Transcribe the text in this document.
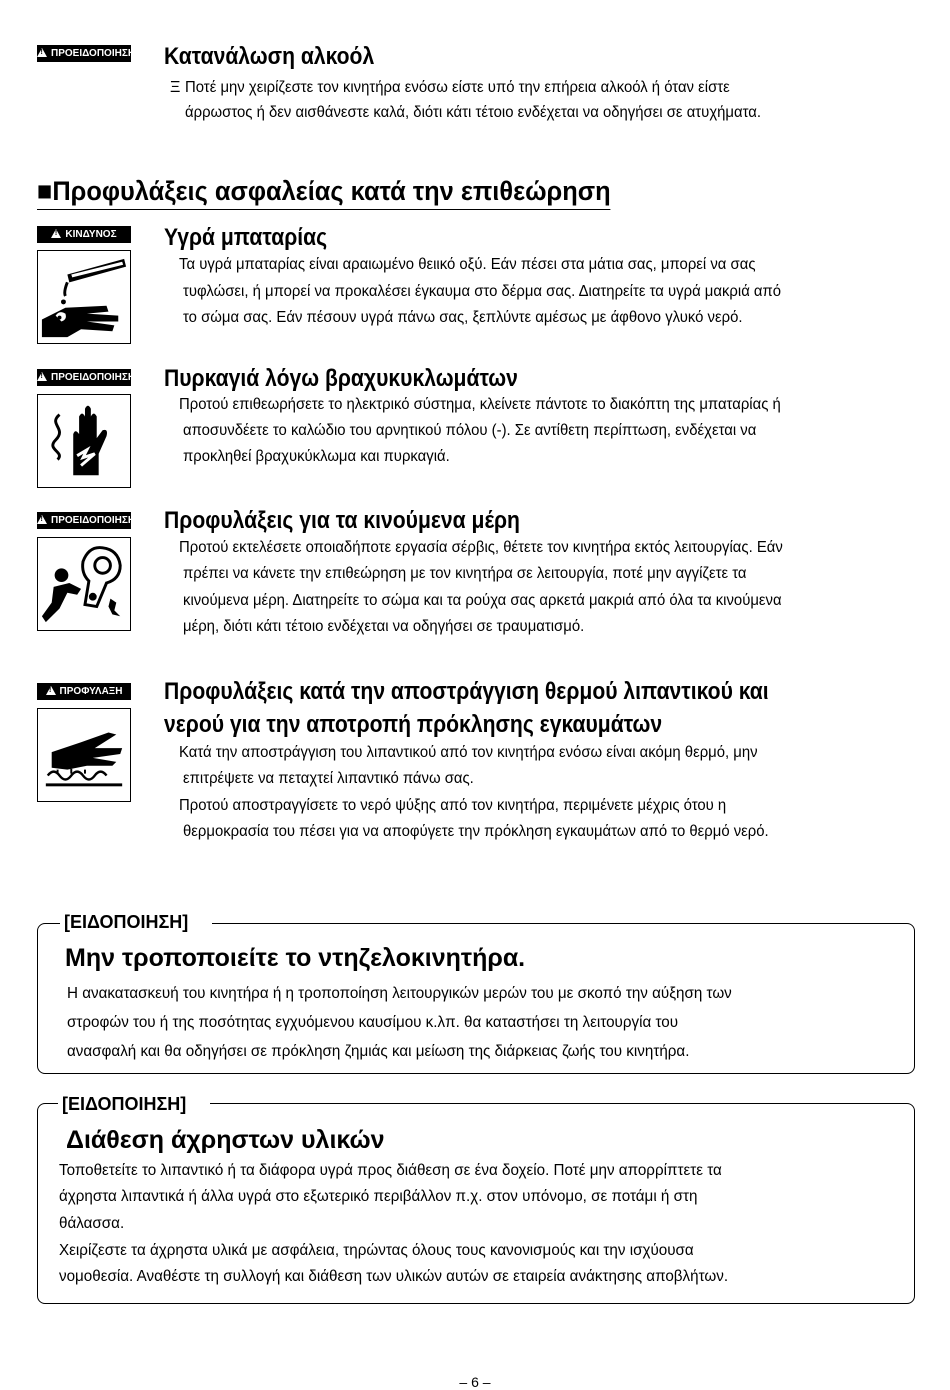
!ΠΡΟΕΙΔΟΠΟΙΗΣΗ Κατανάλωση αλκοόλ
Ξ Ποτέ μην χειρίζεστε τον κινητήρα ενόσω είστε υπό την επήρεια αλκοόλ ή όταν είστε
άρρωστος ή δεν αισθάνεστε καλά, διότι κάτι τέτοιο ενδέχεται να οδηγήσει σε ατυχήματα.
■Προφυλάξεις ασφαλείας κατά την επιθεώρηση
!ΚΙΝΔΥΝΟΣ	Υγρά μπαταρίας
Τα υγρά μπαταρίας είναι αραιωμένο θειικό οξύ. Εάν πέσει στα μάτια σας, μπορεί να σας
τυφλώσει, ή μπορεί να προκαλέσει έγκαυμα στο δέρμα σας. Διατηρείτε τα υγρά μακριά από
το σώμα σας. Εάν πέσουν υγρά πάνω σας, ξεπλύντε αμέσως με άφθονο γλυκό νερό.
!ΠΡΟΕΙΔΟΠΟΙΗΣΗ Πυρκαγιά λόγω βραχυκυκλωμάτων
Προτού επιθεωρήσετε το ηλεκτρικό σύστημα, κλείνετε πάντοτε το διακόπτη της μπαταρίας ή
αποσυνδέετε το καλώδιο του αρνητικού πόλου (-). Σε αντίθετη περίπτωση, ενδέχεται να
προκληθεί βραχυκύκλωμα και πυρκαγιά.
!ΠΡΟΕΙΔΟΠΟΙΗΣΗ Προφυλάξεις για τα κινούμενα μέρη
Προτού εκτελέσετε οποιαδήποτε εργασία σέρβις, θέτετε τον κινητήρα εκτός λειτουργίας. Εάν
πρέπει να κάνετε την επιθεώρηση με τον κινητήρα σε λειτουργία, ποτέ μην αγγίζετε τα
κινούμενα μέρη. Διατηρείτε το σώμα και τα ρούχα σας αρκετά μακριά από όλα τα κινούμενα
μέρη, διότι κάτι τέτοιο ενδέχεται να οδηγήσει σε τραυματισμό.
!ΠΡΟΦΥΛΑΞΗ	Προφυλάξεις κατά την αποστράγγιση θερμού λιπαντικού και
νερού για την αποτροπή πρόκλησης εγκαυμάτων
Κατά την αποστράγγιση του λιπαντικού από τον κινητήρα ενόσω είναι ακόμη θερμό, μην
επιτρέψετε να πεταχτεί λιπαντικό πάνω σας.
Προτού αποστραγγίσετε το νερό ψύξης από τον κινητήρα, περιμένετε μέχρις ότου η
θερμοκρασία του πέσει για να αποφύγετε την πρόκληση εγκαυμάτων από το θερμό νερό.
[ΕΙΔΟΠΟΙΗΣΗ]
Μην τροποποιείτε το ντηζελοκινητήρα.
Η ανακατασκευή του κινητήρα ή η τροποποίηση λειτουργικών μερών του με σκοπό την αύξηση των
στροφών του ή της ποσότητας εγχυόμενου καυσίμου κ.λπ. θα καταστήσει τη λειτουργία του
ανασφαλή και θα οδηγήσει σε πρόκληση ζημιάς και μείωση της διάρκειας ζωής του κινητήρα.
[ΕΙΔΟΠΟΙΗΣΗ]
Διάθεση άχρηστων υλικών
Τοποθετείτε το λιπαντικό ή τα διάφορα υγρά προς διάθεση σε ένα δοχείο. Ποτέ μην απορρίπτετε τα
άχρηστα λιπαντικά ή άλλα υγρά στο εξωτερικό περιβάλλον π.χ. στον υπόνομο, σε ποτάμι ή στη
θάλασσα.
Χειρίζεστε τα άχρηστα υλικά με ασφάλεια, τηρώντας όλους τους κανονισμούς και την ισχύουσα
νομοθεσία. Αναθέστε τη συλλογή και διάθεση των υλικών αυτών σε εταιρεία ανάκτησης αποβλήτων.
– 6 –
